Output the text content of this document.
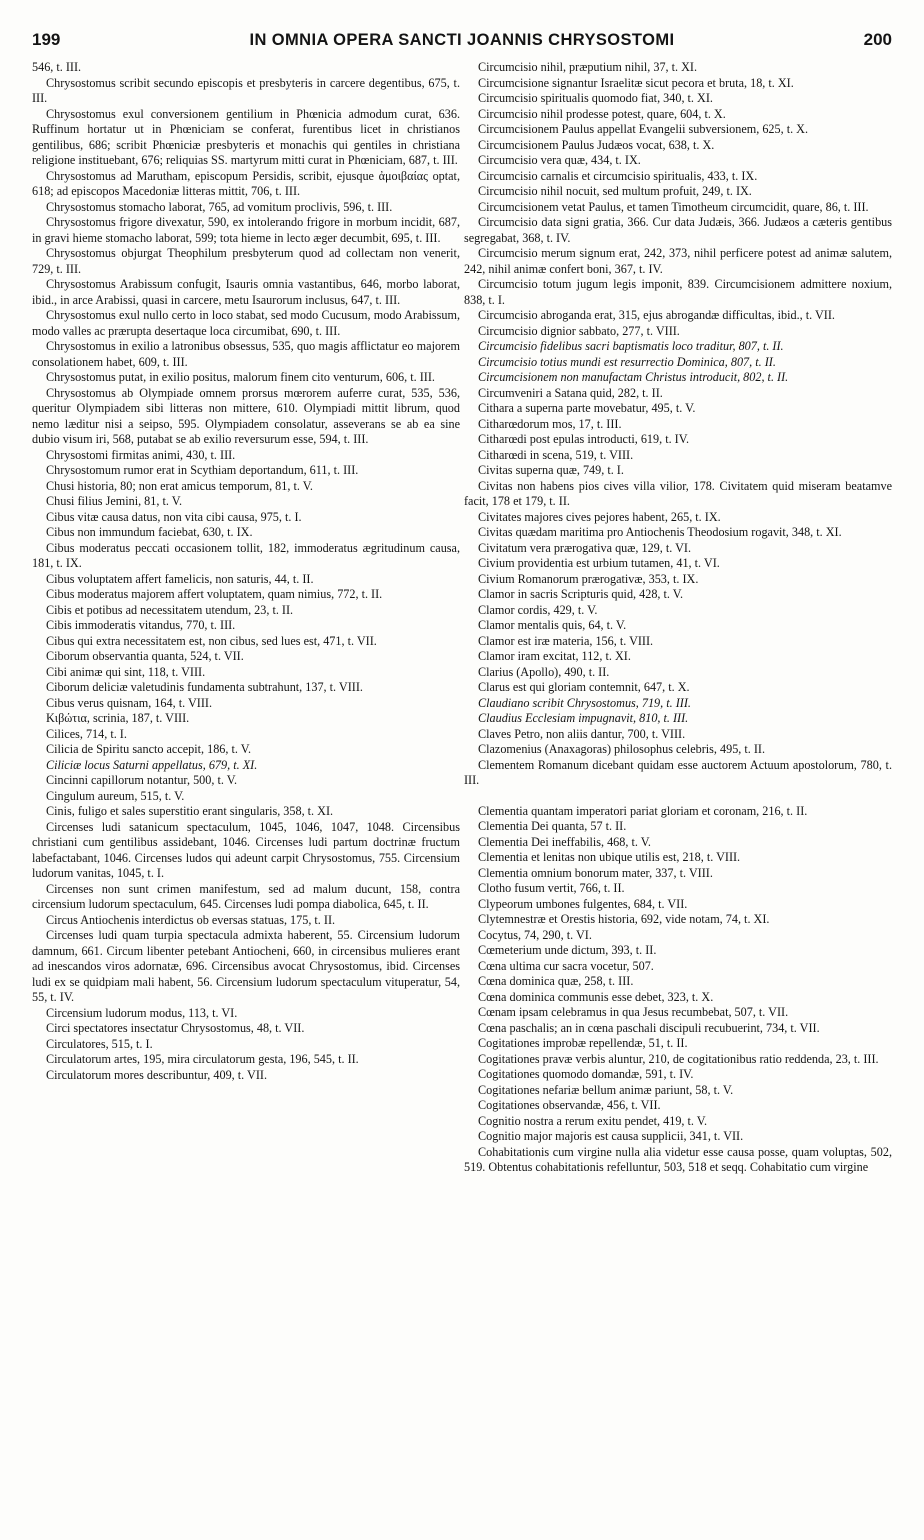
199	IN OMNIA OPERA SANCTI JOANNIS CHRYSOSTOMI	200

546, t. III.

Chrysostomus scribit secundo episcopis et presbyteris in carcere degentibus, 675, t. III.

Chrysostomus exul conversionem gentilium in Phœnicia admodum curat, 636. Ruffinum hortatur ut in Phœniciam se conferat, furentibus licet in christianos gentilibus, 686; scribit Phœniciæ presbyteris et monachis qui gentiles in christiana religione instituebant, 676; reliquias SS. martyrum mitti curat in Phœniciam, 687, t. III.

Chrysostomus ad Marutham, episcopum Persidis, scribit, ejusque ἀμοιβαίας optat, 618; ad episcopos Macedoniæ litteras mittit, 706, t. III.

Chrysostomus stomacho laborat, 765, ad vomitum proclivis, 596, t. III.

Chrysostomus frigore divexatur, 590, ex intolerando frigore in morbum incidit, 687, in gravi hieme stomacho laborat, 599; tota hieme in lecto æger decumbit, 695, t. III.

Chrysostomus objurgat Theophilum presbyterum quod ad collectam non venerit, 729, t. III.

Chrysostomus Arabissum confugit, Isauris omnia vastantibus, 646, morbo laborat, ibid., in arce Arabissi, quasi in carcere, metu Isaurorum inclusus, 647, t. III.

Chrysostomus exul nullo certo in loco stabat, sed modo Cucusum, modo Arabissum, modo valles ac prærupta desertaque loca circumibat, 690, t. III.

Chrysostomus in exilio a latronibus obsessus, 535, quo magis afflictatur eo majorem consolationem habet, 609, t. III.

Chrysostomus putat, in exilio positus, malorum finem cito venturum, 606, t. III.

Chrysostomus ab Olympiade omnem prorsus mœrorem auferre curat, 535, 536, queritur Olympiadem sibi litteras non mittere, 610. Olympiadi mittit librum, quod nemo læditur nisi a seipso, 595. Olympiadem consolatur, asseverans se ab ea sine dubio visum iri, 568, putabat se ab exilio reversurum esse, 594, t. III.

Chrysostomi firmitas animi, 430, t. III.

Chrysostomum rumor erat in Scythiam deportandum, 611, t. III.

Chusi historia, 80; non erat amicus temporum, 81, t. V.

Chusi filius Jemini, 81, t. V.

Cibus vitæ causa datus, non vita cibi causa, 975, t. I.

Cibus non immundum faciebat, 630, t. IX.

Cibus moderatus peccati occasionem tollit, 182, immoderatus ægritudinum causa, 181, t. IX.

Cibus voluptatem affert famelicis, non saturis, 44, t. II.

Cibus moderatus majorem affert voluptatem, quam nimius, 772, t. II.

Cibis et potibus ad necessitatem utendum, 23, t. II.

Cibis immoderatis vitandus, 770, t. III.

Cibus qui extra necessitatem est, non cibus, sed lues est, 471, t. VII.

Ciborum observantia quanta, 524, t. VII.

Cibi animæ qui sint, 118, t. VIII.

Ciborum deliciæ valetudinis fundamenta subtrahunt, 137, t. VIII.

Cibus verus quisnam, 164, t. VIII.

Κιβώτια, scrinia, 187, t. VIII.

Cilices, 714, t. I.

Cilicia de Spiritu sancto accepit, 186, t. V.

Ciliciæ locus Saturni appellatus, 679, t. XI.

Cincinni capillorum notantur, 500, t. V.

Cingulum aureum, 515, t. V.

Cinis, fuligo et sales superstitio erant singularis, 358, t. XI.

Circenses ludi satanicum spectaculum, 1045, 1046, 1047, 1048. Circensibus christiani cum gentilibus assidebant, 1046. Circenses ludi partum doctrinæ fructum labefactabant, 1046. Circenses ludos qui adeunt carpit Chrysostomus, 755. Circensium ludorum vanitas, 1045, t. I.

Circenses non sunt crimen manifestum, sed ad malum ducunt, 158, contra circensium ludorum spectaculum, 645. Circenses ludi pompa diabolica, 645, t. II.

Circus Antiochenis interdictus ob eversas statuas, 175, t. II.

Circenses ludi quam turpia spectacula admixta haberent, 55. Circensium ludorum damnum, 661. Circum libenter petebant Antiocheni, 660, in circensibus mulieres erant ad inescandos viros adornatæ, 696. Circensibus avocat Chrysostomus, ibid. Circenses ludi ex se quidpiam mali habent, 56. Circensium ludorum spectaculum vituperatur, 54, 55, t. IV.

Circensium ludorum modus, 113, t. VI.

Circi spectatores insectatur Chrysostomus, 48, t. VII.

Circulatores, 515, t. I.

Circulatorum artes, 195, mira circulatorum gesta, 196, 545, t. II.

Circulatorum mores describuntur, 409, t. VII.

Circumcisio nihil, præputium nihil, 37, t. XI.

Circumcisione signantur Israelitæ sicut pecora et bruta, 18, t. XI.

Circumcisio spiritualis quomodo fiat, 340, t. XI.

Circumcisio nihil prodesse potest, quare, 604, t. X.

Circumcisionem Paulus appellat Evangelii subversionem, 625, t. X.

Circumcisionem Paulus Judæos vocat, 638, t. X.

Circumcisio vera quæ, 434, t. IX.

Circumcisio carnalis et circumcisio spiritualis, 433, t. IX.

Circumcisio nihil nocuit, sed multum profuit, 249, t. IX.

Circumcisionem vetat Paulus, et tamen Timotheum circumcidit, quare, 86, t. III.

Circumcisio data signi gratia, 366. Cur data Judæis, 366. Judæos a cæteris gentibus segregabat, 368, t. IV.

Circumcisio merum signum erat, 242, 373, nihil perficere potest ad animæ salutem, 242, nihil animæ confert boni, 367, t. IV.

Circumcisio totum jugum legis imponit, 839. Circumcisionem admittere noxium, 838, t. I.

Circumcisio abroganda erat, 315, ejus abrogandæ difficultas, ibid., t. VII.

Circumcisio dignior sabbato, 277, t. VIII.

Circumcisio fidelibus sacri baptismatis loco traditur, 807, t. II.

Circumcisio totius mundi est resurrectio Dominica, 807, t. II.

Circumcisionem non manufactam Christus introducit, 802, t. II.

Circumveniri a Satana quid, 282, t. II.

Cithara a superna parte movebatur, 495, t. V.

Citharœdorum mos, 17, t. III.

Citharœdi post epulas introducti, 619, t. IV.

Citharœdi in scena, 519, t. VIII.

Civitas superna quæ, 749, t. I.

Civitas non habens pios cives villa vilior, 178. Civitatem quid miseram beatamve facit, 178 et 179, t. II.

Civitates majores cives pejores habent, 265, t. IX.

Civitas quædam maritima pro Antiochenis Theodosium rogavit, 348, t. XI.

Civitatum vera prærogativa quæ, 129, t. VI.

Civium providentia est urbium tutamen, 41, t. VI.

Civium Romanorum prærogativæ, 353, t. IX.

Clamor in sacris Scripturis quid, 428, t. V.

Clamor cordis, 429, t. V.

Clamor mentalis quis, 64, t. V.

Clamor est iræ materia, 156, t. VIII.

Clamor iram excitat, 112, t. XI.

Clarius (Apollo), 490, t. II.

Clarus est qui gloriam contemnit, 647, t. X.

Claudiano scribit Chrysostomus, 719, t. III.

Claudius Ecclesiam impugnavit, 810, t. III.

Claves Petro, non aliis dantur, 700, t. VIII.

Clazomenius (Anaxagoras) philosophus celebris, 495, t. II.

Clementem Romanum dicebant quidam esse auctorem Actuum apostolorum, 780, t. III.

Clementia quantam imperatori pariat gloriam et coronam, 216, t. II.

Clementia Dei quanta, 57 t. II.

Clementia Dei ineffabilis, 468, t. V.

Clementia et lenitas non ubique utilis est, 218, t. VIII.

Clementia omnium bonorum mater, 337, t. VIII.

Clotho fusum vertit, 766, t. II.

Clypeorum umbones fulgentes, 684, t. VII.

Clytemnestræ et Orestis historia, 692, vide notam, 74, t. XI.

Cocytus, 74, 290, t. VI.

Cœmeterium unde dictum, 393, t. II.

Cœna ultima cur sacra vocetur, 507.

Cœna dominica quæ, 258, t. III.

Cœna dominica communis esse debet, 323, t. X.

Cœnam ipsam celebramus in qua Jesus recumbebat, 507, t. VII.

Cœna paschalis; an in cœna paschali discipuli recubuerint, 734, t. VII.

Cogitationes improbæ repellendæ, 51, t. II.

Cogitationes pravæ verbis aluntur, 210, de cogitationibus ratio reddenda, 23, t. III.

Cogitationes quomodo domandæ, 591, t. IV.

Cogitationes nefariæ bellum animæ pariunt, 58, t. V.

Cogitationes observandæ, 456, t. VII.

Cognitio nostra a rerum exitu pendet, 419, t. V.

Cognitio major majoris est causa supplicii, 341, t. VII.

Cohabitationis cum virgine nulla alia videtur esse causa posse, quam voluptas, 502, 519. Obtentus cohabitationis refelluntur, 503, 518 et seqq. Cohabitatio cum virgine
